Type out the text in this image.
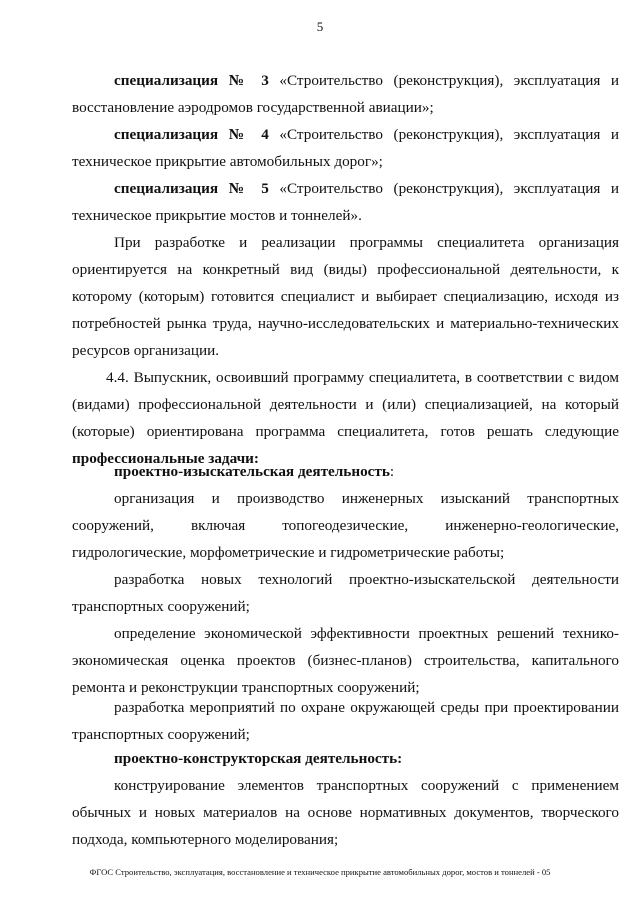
5
специализация № 3 «Строительство (реконструкция), эксплуатация и
восстановление аэродромов государственной авиации»;
специализация № 4 «Строительство (реконструкция), эксплуатация и
техническое прикрытие автомобильных дорог»;
специализация № 5 «Строительство (реконструкция), эксплуатация и
техническое прикрытие мостов и тоннелей».
При разработке и реализации программы специалитета организация
ориентируется на конкретный вид (виды) профессиональной деятельности, к
которому (которым) готовится специалист и выбирает специализацию, исходя из
потребностей рынка труда, научно-исследовательских и материально-технических
ресурсов организации.
4.4. Выпускник, освоивший программу специалитета, в соответствии с видом
(видами) профессиональной деятельности и (или) специализацией, на который
(которые) ориентирована программа специалитета, готов решать следующие
профессиональные задачи:
проектно-изыскательская деятельность:
организация и производство инженерных изысканий транспортных
сооружений, включая топогеодезические, инженерно-геологические,
гидрологические, морфометрические и гидрометрические работы;
разработка новых технологий проектно-изыскательской деятельности
транспортных сооружений;
определение экономической эффективности проектных решений технико-
экономическая оценка проектов (бизнес-планов) строительства, капитального
ремонта и реконструкции транспортных сооружений;
разработка мероприятий по охране окружающей среды при проектировании
транспортных сооружений;
проектно-конструкторская деятельность:
конструирование элементов транспортных сооружений с применением
обычных и новых материалов на основе нормативных документов, творческого
подхода, компьютерного моделирования;
ФГОС Строительство, эксплуатация, восстановление и техническое прикрытие автомобильных дорог, мостов и тоннелей - 05
